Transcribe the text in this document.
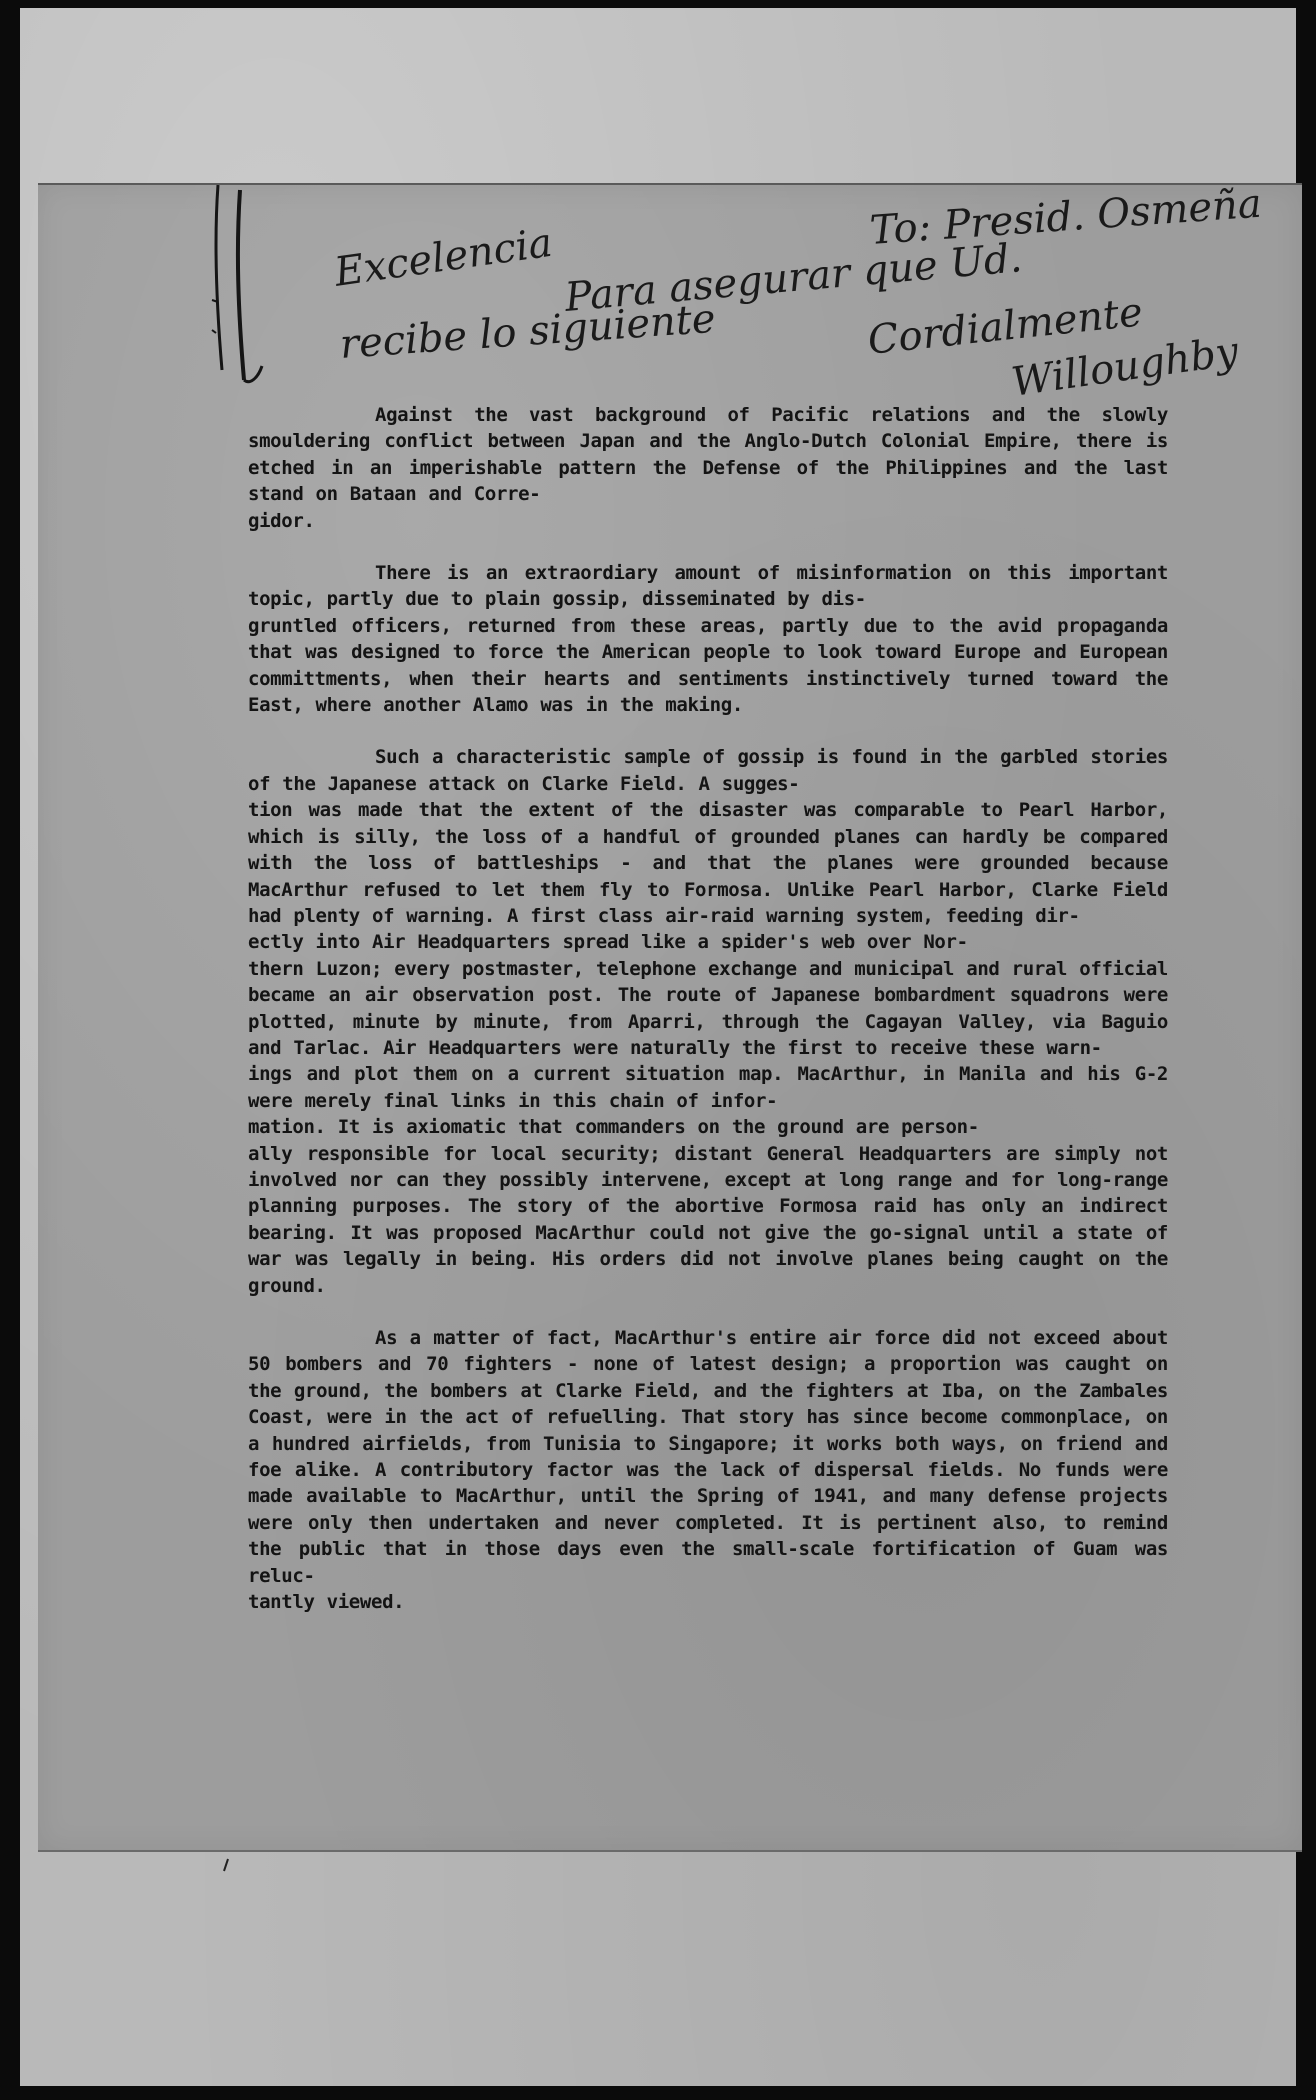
To: Presid. Osmeña
Excelencia Para asegurar que Ud.
recibe lo siguiente	Cordialmente
Willoughby

Against the vast background of Pacific relations and the slowly smouldering conflict between Japan and the Anglo-Dutch Colonial Empire, there is etched in an imperishable pattern the Defense of the Philippines and the last stand on Bataan and Corre-
gidor.

There is an extraordiary amount of misinformation on this important topic, partly due to plain gossip, disseminated by dis-
gruntled officers, returned from these areas, partly due to the avid propaganda that was designed to force the American people to look toward Europe and European committments, when their hearts and sentiments instinctively turned toward the East, where another Alamo was in the making.

Such a characteristic sample of gossip is found in the garbled stories of the Japanese attack on Clarke Field. A sugges-
tion was made that the extent of the disaster was comparable to Pearl Harbor, which is silly, the loss of a handful of grounded planes can hardly be compared with the loss of battleships - and that the planes were grounded because MacArthur refused to let them fly to Formosa. Unlike Pearl Harbor, Clarke Field had plenty of warning. A first class air-raid warning system, feeding dir-
ectly into Air Headquarters spread like a spider's web over Nor-
thern Luzon; every postmaster, telephone exchange and municipal and rural official became an air observation post. The route of Japanese bombardment squadrons were plotted, minute by minute, from Aparri, through the Cagayan Valley, via Baguio and Tarlac. Air Headquarters were naturally the first to receive these warn-
ings and plot them on a current situation map. MacArthur, in Manila and his G-2 were merely final links in this chain of infor-
mation. It is axiomatic that commanders on the ground are person-
ally responsible for local security; distant General Headquarters are simply not involved nor can they possibly intervene, except at long range and for long-range planning purposes. The story of the abortive Formosa raid has only an indirect bearing. It was proposed MacArthur could not give the go-signal until a state of war was legally in being. His orders did not involve planes being caught on the ground.

As a matter of fact, MacArthur's entire air force did not exceed about 50 bombers and 70 fighters - none of latest design; a proportion was caught on the ground, the bombers at Clarke Field, and the fighters at Iba, on the Zambales Coast, were in the act of refuelling. That story has since become commonplace, on a hundred airfields, from Tunisia to Singapore; it works both ways, on friend and foe alike. A contributory factor was the lack of dispersal fields. No funds were made available to MacArthur, until the Spring of 1941, and many defense projects were only then undertaken and never completed. It is pertinent also, to remind the public that in those days even the small-scale fortification of Guam was reluc-
tantly viewed.
